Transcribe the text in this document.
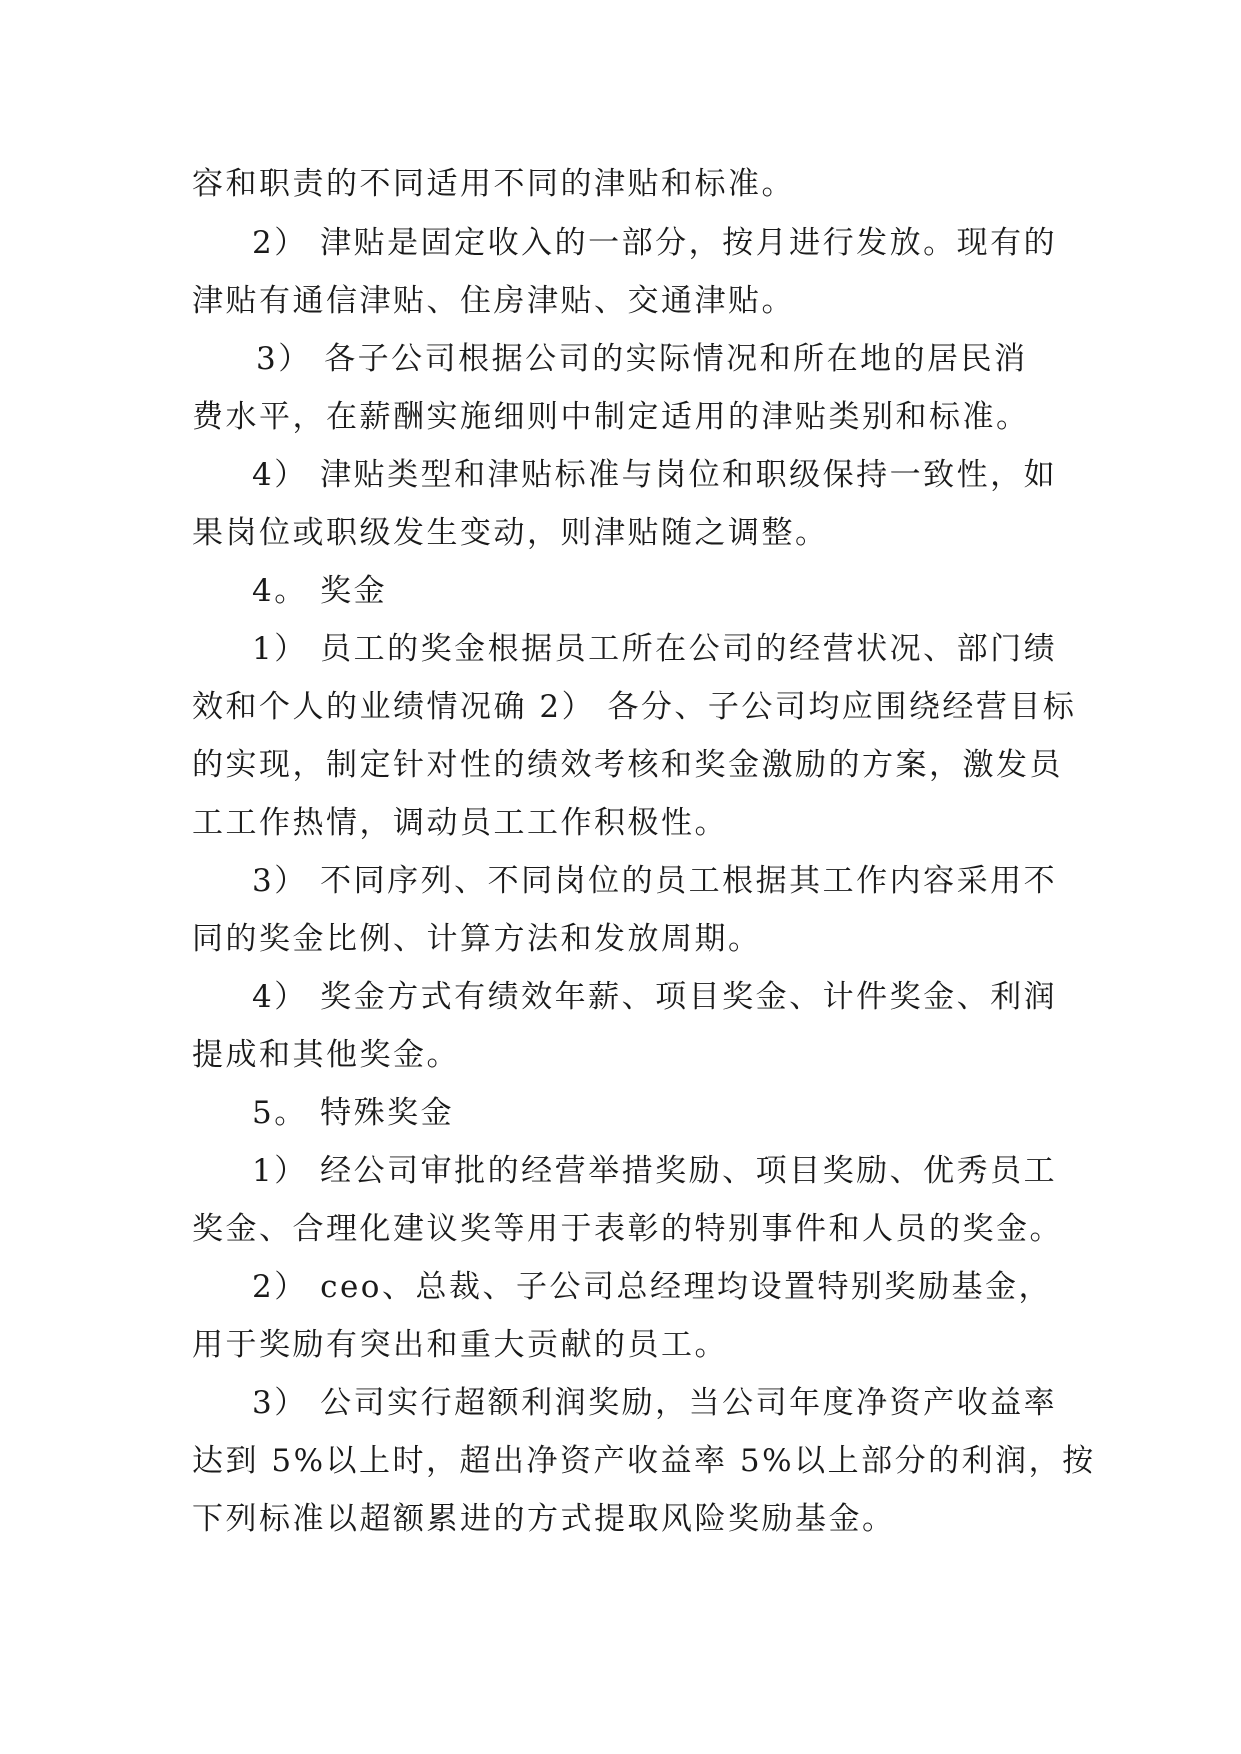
容和职责的不同适用不同的津贴和标准。
2） 津贴是固定收入的一部分，按月进行发放。现有的
津贴有通信津贴、住房津贴、交通津贴。
3） 各子公司根据公司的实际情况和所在地的居民消
费水平，在薪酬实施细则中制定适用的津贴类别和标准。
4） 津贴类型和津贴标准与岗位和职级保持一致性，如
果岗位或职级发生变动，则津贴随之调整。
4。 奖金
1） 员工的奖金根据员工所在公司的经营状况、部门绩
效和个人的业绩情况确 2） 各分、子公司均应围绕经营目标
的实现，制定针对性的绩效考核和奖金激励的方案，激发员
工工作热情，调动员工工作积极性。
3） 不同序列、不同岗位的员工根据其工作内容采用不
同的奖金比例、计算方法和发放周期。
4） 奖金方式有绩效年薪、项目奖金、计件奖金、利润
提成和其他奖金。
5。 特殊奖金
1） 经公司审批的经营举措奖励、项目奖励、优秀员工
奖金、合理化建议奖等用于表彰的特别事件和人员的奖金。
2） ceo、总裁、子公司总经理均设置特别奖励基金，
用于奖励有突出和重大贡献的员工。
3） 公司实行超额利润奖励，当公司年度净资产收益率
达到 5%以上时，超出净资产收益率 5%以上部分的利润，按
下列标准以超额累进的方式提取风险奖励基金。
